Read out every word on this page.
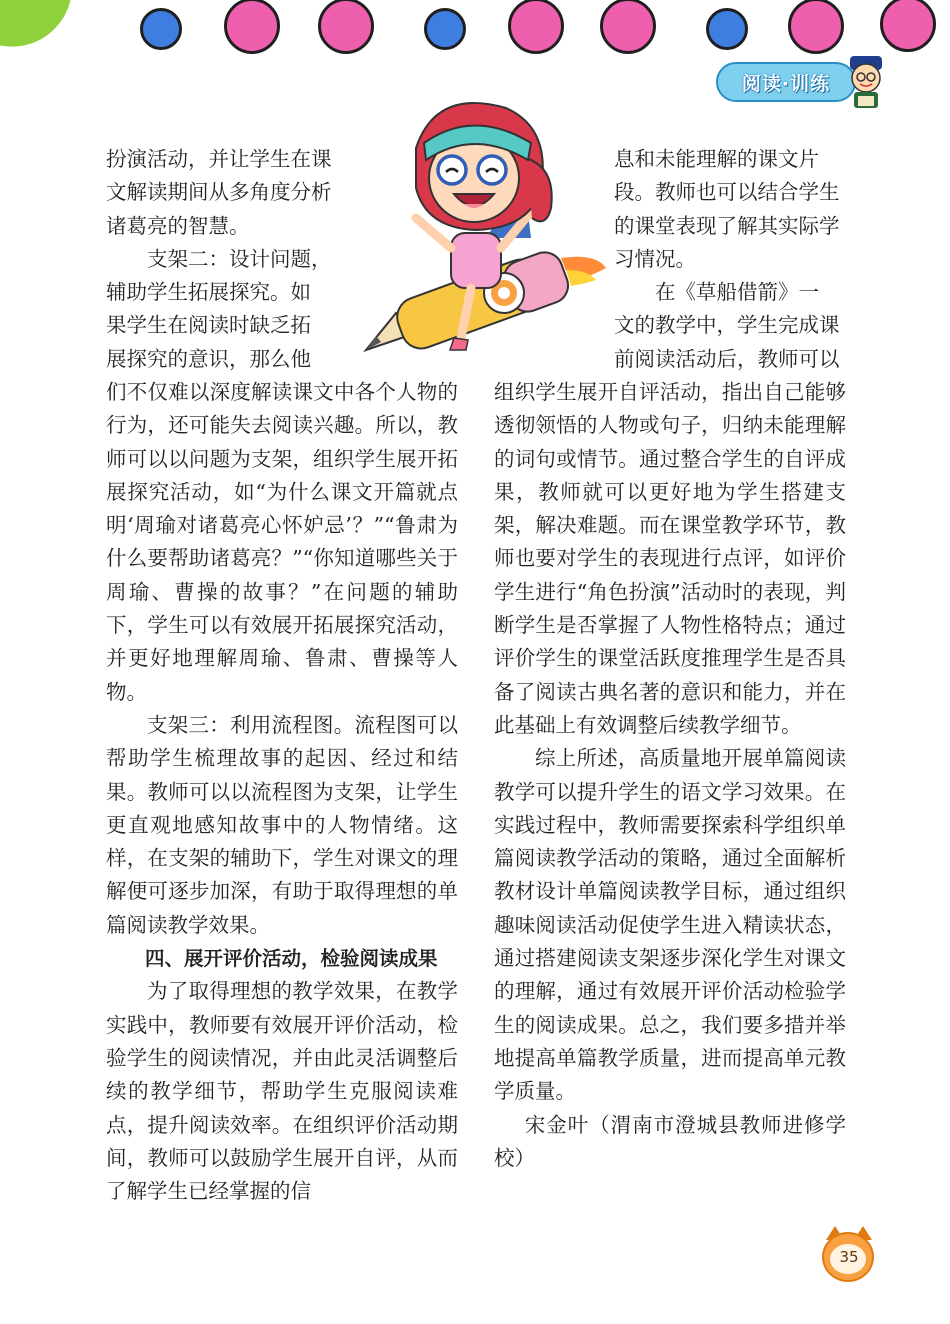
阅读·训练

扮演活动，并让学生在课

文解读期间从多角度分析

诸葛亮的智慧。

支架二：设计问题，

辅助学生拓展探究。如

果学生在阅读时缺乏拓

展探究的意识，那么他

们不仅难以深度解读课文中各个人物的行为，还可能失去阅读兴趣。所以，教师可以以问题为支架，组织学生展开拓展探究活动，如“为什么课文开篇就点明‘周瑜对诸葛亮心怀妒忌’？”“鲁肃为什么要帮助诸葛亮？”“你知道哪些关于周瑜、曹操的故事？”在问题的辅助下，学生可以有效展开拓展探究活动，并更好地理解周瑜、鲁肃、曹操等人物。

支架三：利用流程图。流程图可以帮助学生梳理故事的起因、经过和结果。教师可以以流程图为支架，让学生更直观地感知故事中的人物情绪。这样，在支架的辅助下，学生对课文的理解便可逐步加深，有助于取得理想的单篇阅读教学效果。

四、展开评价活动，检验阅读成果

为了取得理想的教学效果，在教学实践中，教师要有效展开评价活动，检验学生的阅读情况，并由此灵活调整后续的教学细节，帮助学生克服阅读难点，提升阅读效率。在组织评价活动期间，教师可以鼓励学生展开自评，从而了解学生已经掌握的信

息和未能理解的课文片

段。教师也可以结合学生

的课堂表现了解其实际学

习情况。

在《草船借箭》一

文的教学中，学生完成课

前阅读活动后，教师可以

组织学生展开自评活动，指出自己能够透彻领悟的人物或句子，归纳未能理解的词句或情节。通过整合学生的自评成果，教师就可以更好地为学生搭建支架，解决难题。而在课堂教学环节，教师也要对学生的表现进行点评，如评价学生进行“角色扮演”活动时的表现，判断学生是否掌握了人物性格特点；通过评价学生的课堂活跃度推理学生是否具备了阅读古典名著的意识和能力，并在此基础上有效调整后续教学细节。

综上所述，高质量地开展单篇阅读教学可以提升学生的语文学习效果。在实践过程中，教师需要探索科学组织单篇阅读教学活动的策略，通过全面解析教材设计单篇阅读教学目标，通过组织趣味阅读活动促使学生进入精读状态，通过搭建阅读支架逐步深化学生对课文的理解，通过有效展开评价活动检验学生的阅读成果。总之，我们要多措并举地提高单篇教学质量，进而提高单元教学质量。

宋金叶（渭南市澄城县教师进修学校）

35
